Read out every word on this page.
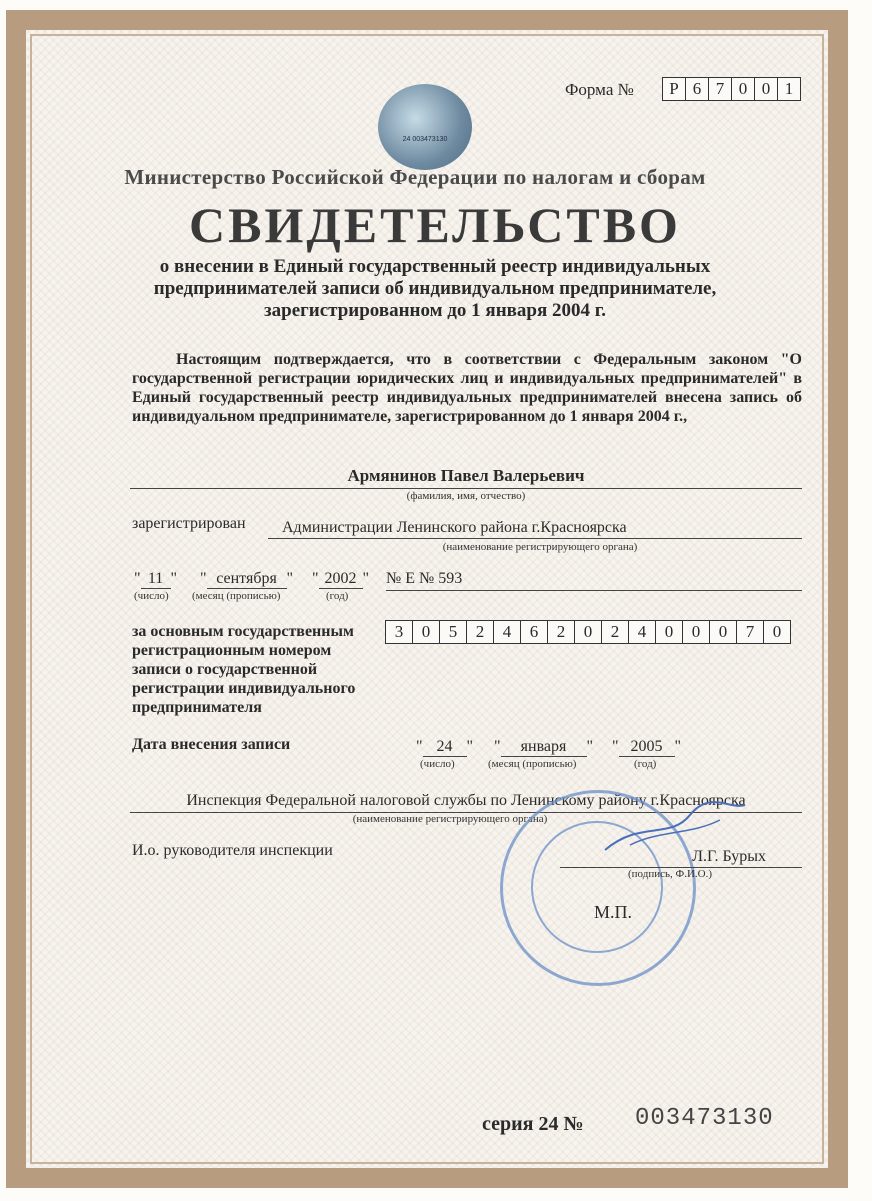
24 003473130
Форма №	Р 6 7 0 0 1
Министерство Российской Федерации по налогам и сборам
СВИДЕТЕЛЬСТВО
о внесении в Единый государственный реестр индивидуальных
предпринимателей записи об индивидуальном предпринимателе,
зарегистрированном до 1 января 2004 г.
Настоящим подтверждается, что в соответствии с Федеральным законом "О государственной регистрации юридических лиц и индивидуальных предпринимателей" в Единый государственный реестр индивидуальных предпринимателей внесена запись об индивидуальном предпринимателе, зарегистрированном до 1 января 2004 г.,
Армянинов Павел Валерьевич
(фамилия, имя, отчество)
зарегистрирован	Администрации Ленинского района г.Красноярска
(наименование регистрирующего органа)
" 11 " " сентября " " 2002 " № Е № 593
(число) (месяц (прописью)	(год)
за основным государственным
регистрационным номером
записи о государственной
регистрации индивидуального
предпринимателя
3	0	5	2	4	6	2	0	2	4	0	0	0	7	0
Дата внесения записи	" 24 " " января " " 2005 "
(число)	(месяц (прописью)	(год)
Инспекция Федеральной налоговой службы по Ленинскому району г.Красноярска
(наименование регистрирующего органа)
И.о. руководителя инспекции	Л.Г. Бурых
(подпись, Ф.И.О.)
М.П.
серия 24 № 003473130
